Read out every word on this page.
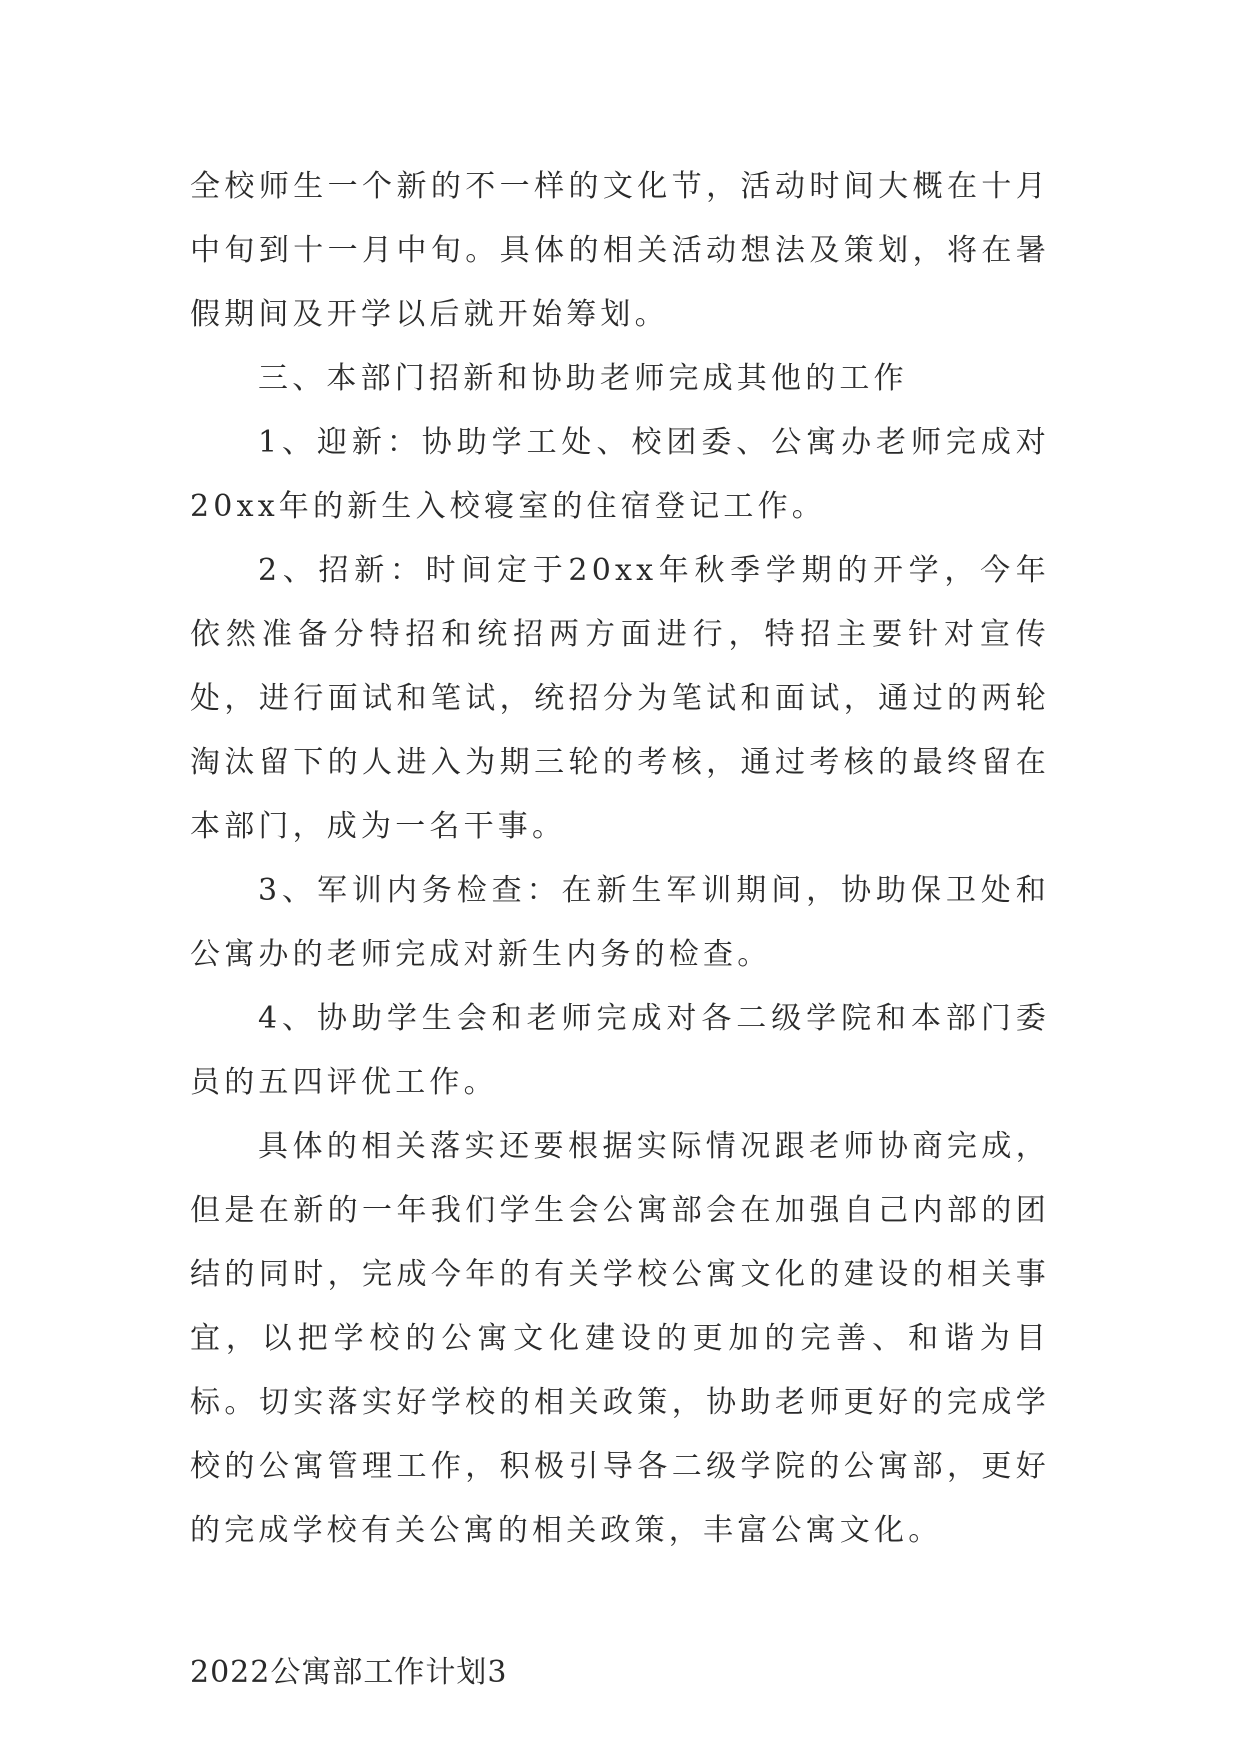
全校师生一个新的不一样的文化节，活动时间大概在十月中旬到十一月中旬。具体的相关活动想法及策划，将在暑假期间及开学以后就开始筹划。

三、本部门招新和协助老师完成其他的工作

1、迎新：协助学工处、校团委、公寓办老师完成对20xx年的新生入校寝室的住宿登记工作。

2、招新：时间定于20xx年秋季学期的开学，今年依然准备分特招和统招两方面进行，特招主要针对宣传处，进行面试和笔试，统招分为笔试和面试，通过的两轮淘汰留下的人进入为期三轮的考核，通过考核的最终留在本部门，成为一名干事。

3、军训内务检查：在新生军训期间，协助保卫处和公寓办的老师完成对新生内务的检查。

4、协助学生会和老师完成对各二级学院和本部门委员的五四评优工作。

具体的相关落实还要根据实际情况跟老师协商完成，但是在新的一年我们学生会公寓部会在加强自己内部的团结的同时，完成今年的有关学校公寓文化的建设的相关事宜，以把学校的公寓文化建设的更加的完善、和谐为目标。切实落实好学校的相关政策，协助老师更好的完成学校的公寓管理工作，积极引导各二级学院的公寓部，更好的完成学校有关公寓的相关政策，丰富公寓文化。

2022公寓部工作计划3
